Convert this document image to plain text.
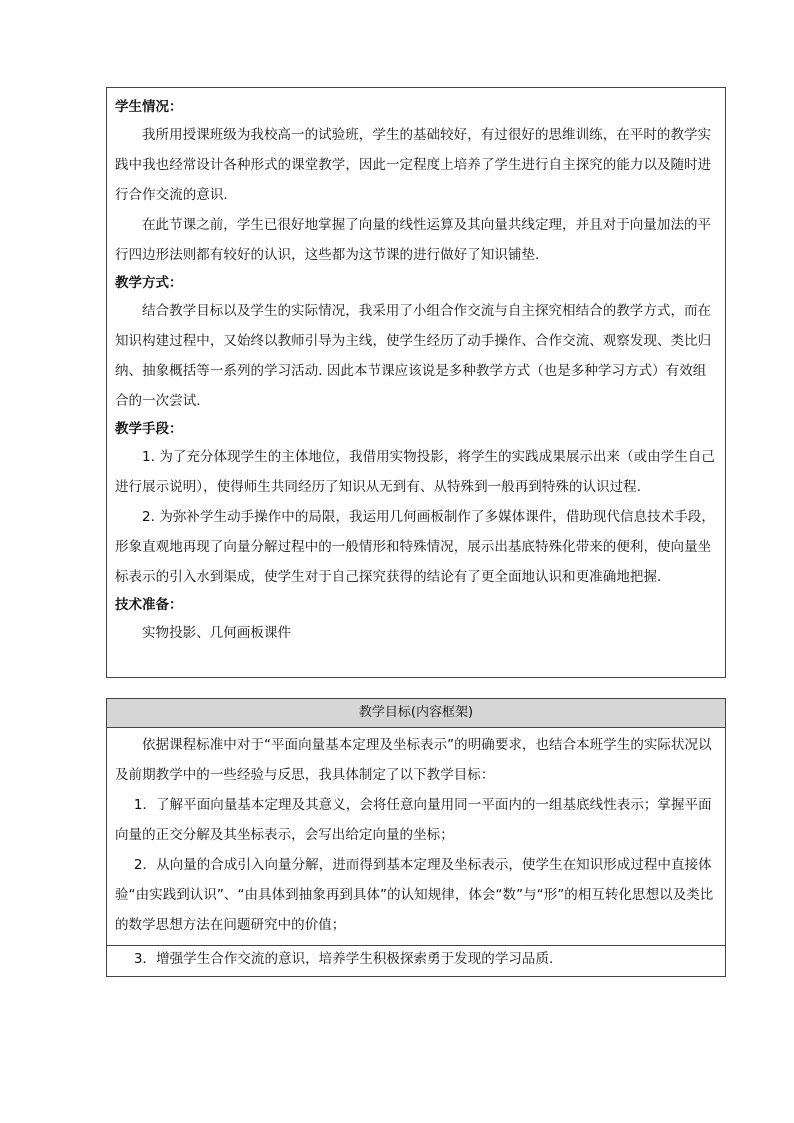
学生情况：

我所用授课班级为我校高一的试验班，学生的基础较好，有过很好的思维训练，在平时的教学实践中我也经常设计各种形式的课堂教学，因此一定程度上培养了学生进行自主探究的能力以及随时进行合作交流的意识.

在此节课之前，学生已很好地掌握了向量的线性运算及其向量共线定理，并且对于向量加法的平行四边形法则都有较好的认识，这些都为这节课的进行做好了知识铺垫.

教学方式：

结合教学目标以及学生的实际情况，我采用了小组合作交流与自主探究相结合的教学方式，而在知识构建过程中，又始终以教师引导为主线，使学生经历了动手操作、合作交流、观察发现、类比归纳、抽象概括等一系列的学习活动. 因此本节课应该说是多种教学方式（也是多种学习方式）有效组合的一次尝试.

教学手段：

1. 为了充分体现学生的主体地位，我借用实物投影，将学生的实践成果展示出来（或由学生自己进行展示说明），使得师生共同经历了知识从无到有、从特殊到一般再到特殊的认识过程.

2. 为弥补学生动手操作中的局限，我运用几何画板制作了多媒体课件，借助现代信息技术手段，形象直观地再现了向量分解过程中的一般情形和特殊情况，展示出基底特殊化带来的便利，使向量坐标表示的引入水到渠成，使学生对于自己探究获得的结论有了更全面地认识和更准确地把握.

技术准备：

实物投影、几何画板课件

教学目标(内容框架)

依据课程标准中对于“平面向量基本定理及坐标表示”的明确要求，也结合本班学生的实际状况以及前期教学中的一些经验与反思，我具体制定了以下教学目标：

1．了解平面向量基本定理及其意义，会将任意向量用同一平面内的一组基底线性表示；掌握平面向量的正交分解及其坐标表示，会写出给定向量的坐标；

2．从向量的合成引入向量分解，进而得到基本定理及坐标表示，使学生在知识形成过程中直接体验“由实践到认识”、“由具体到抽象再到具体”的认知规律，体会“数”与“形”的相互转化思想以及类比的数学思想方法在问题研究中的价值；

3．增强学生合作交流的意识，培养学生积极探索勇于发现的学习品质.
